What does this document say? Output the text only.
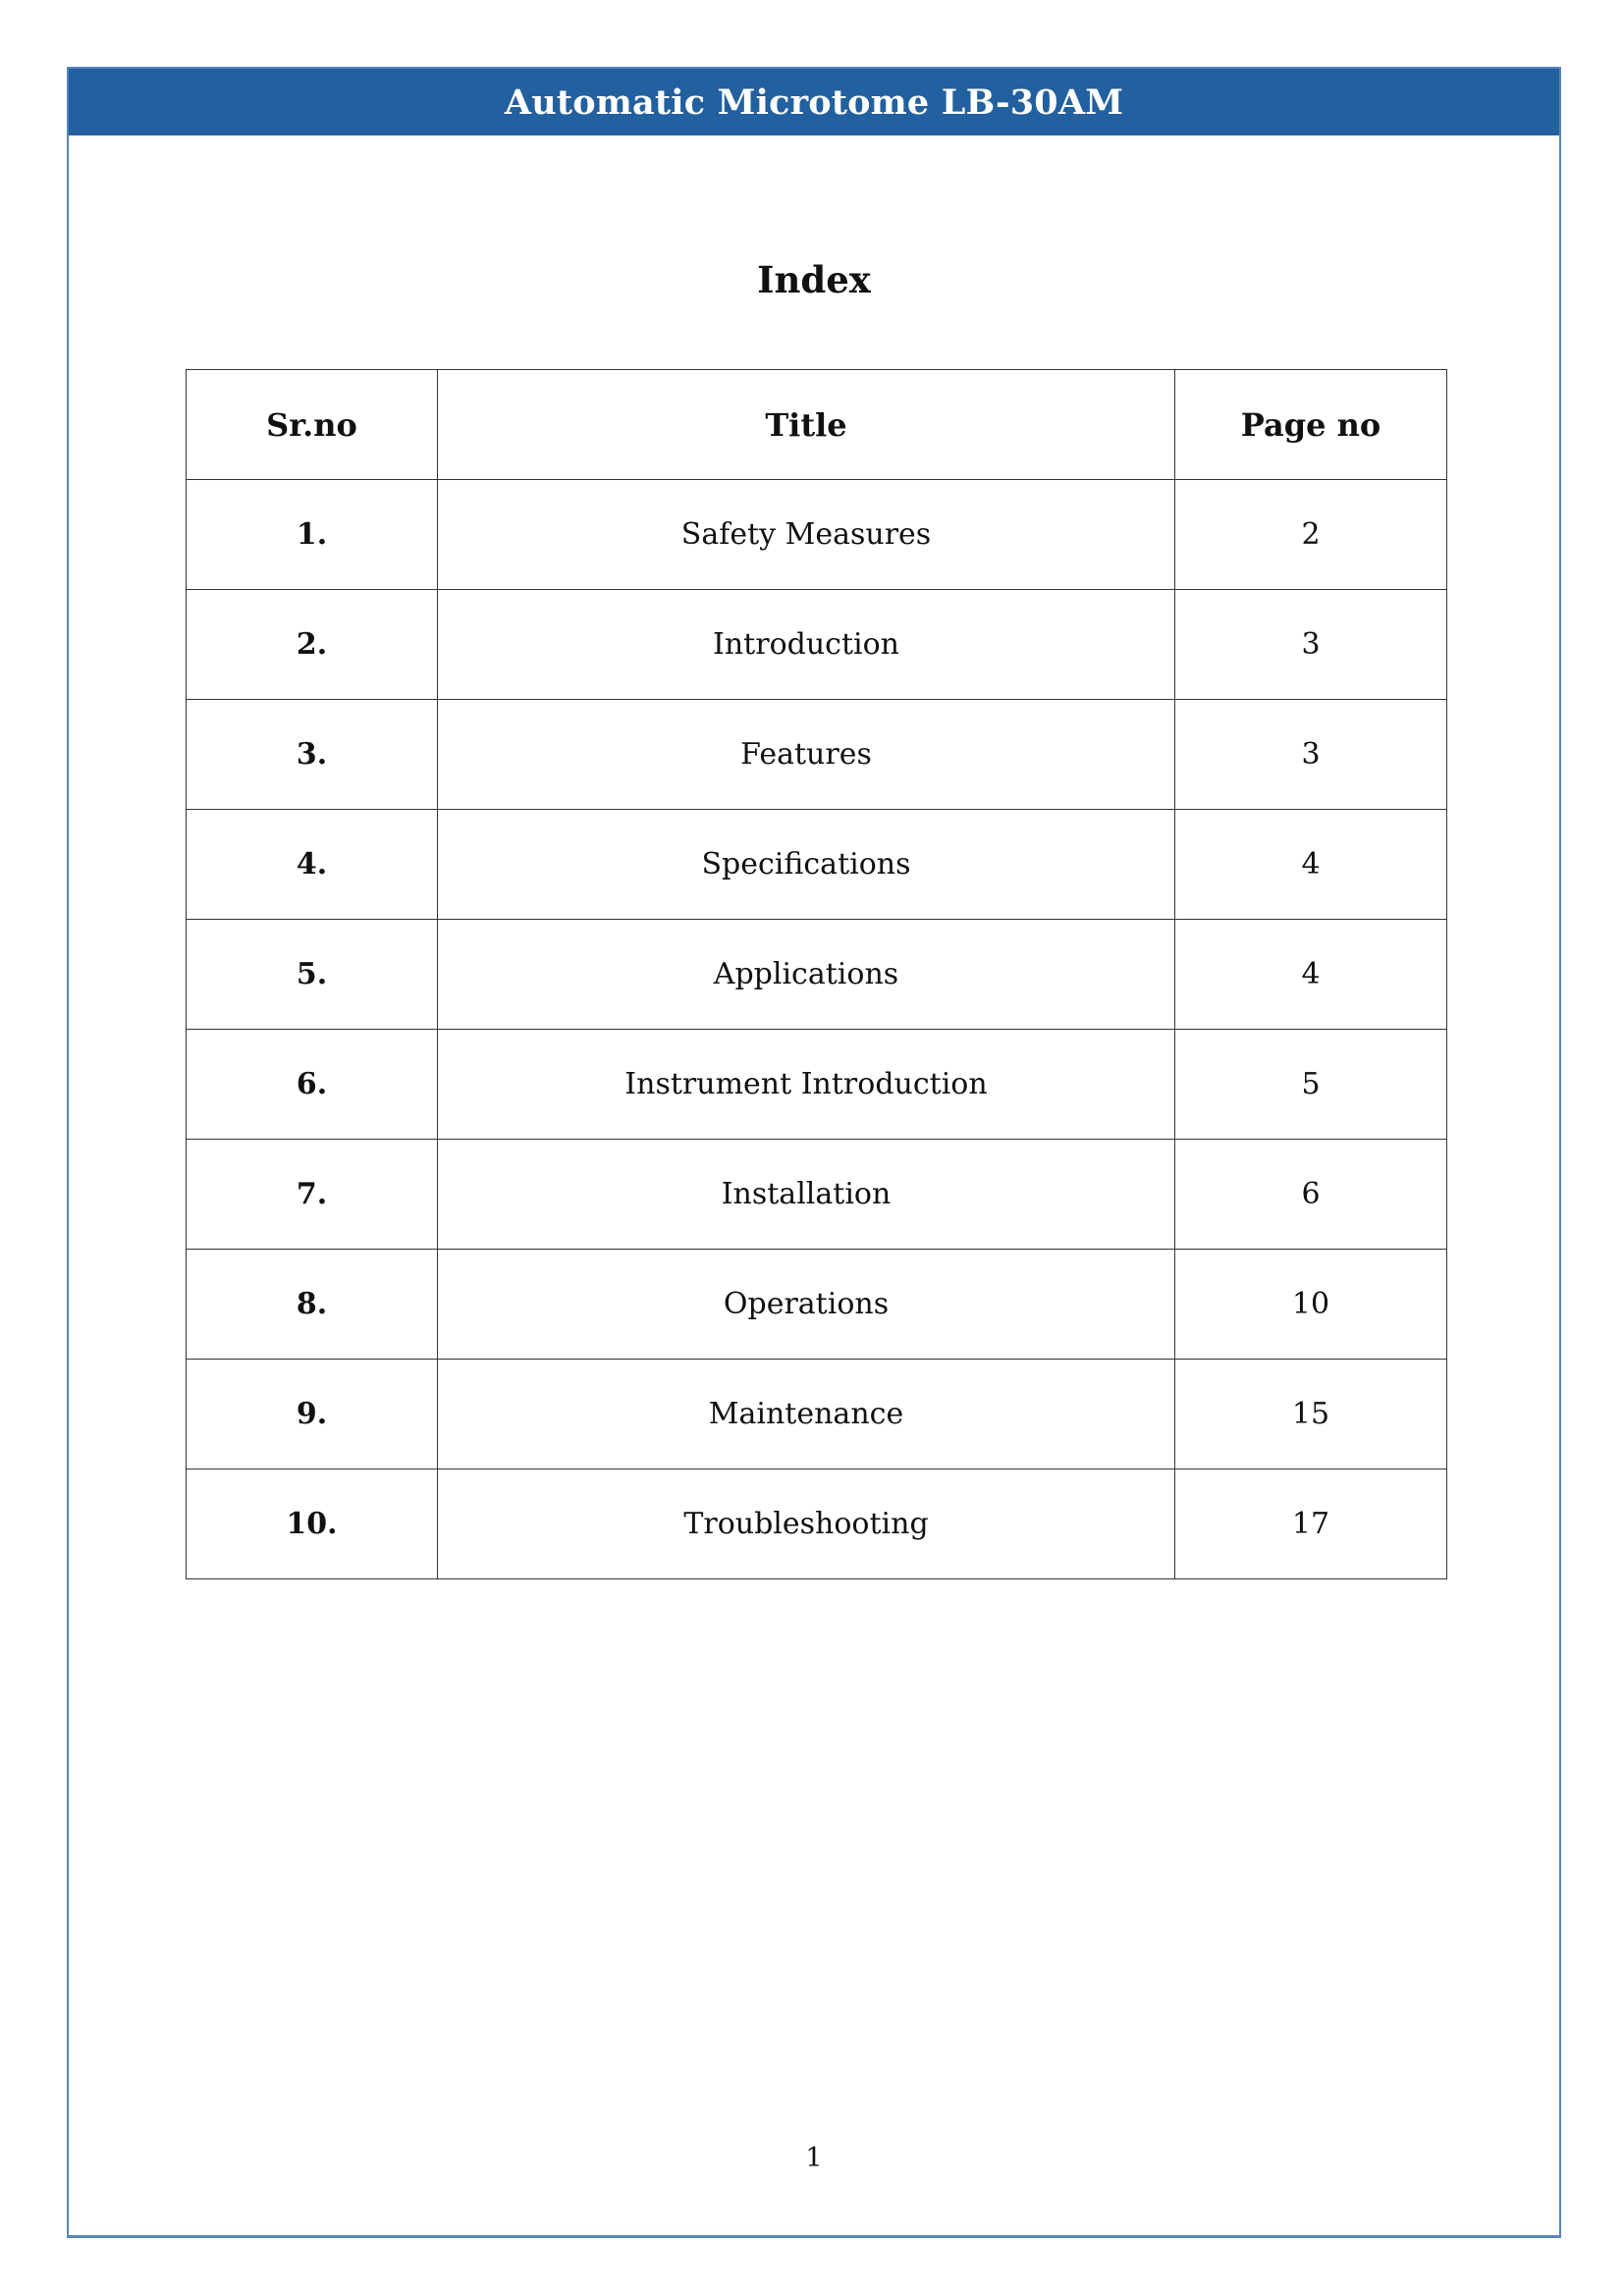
Automatic Microtome LB-30AM
Index
Sr.no	Title	Page no
1.	Safety Measures	2
2.	Introduction	3
3.	Features	3
4.	Specifications	4
5.	Applications	4
6.	Instrument Introduction	5
7.	Installation	6
8.	Operations	10
9.	Maintenance	15
10.	Troubleshooting	17
1
